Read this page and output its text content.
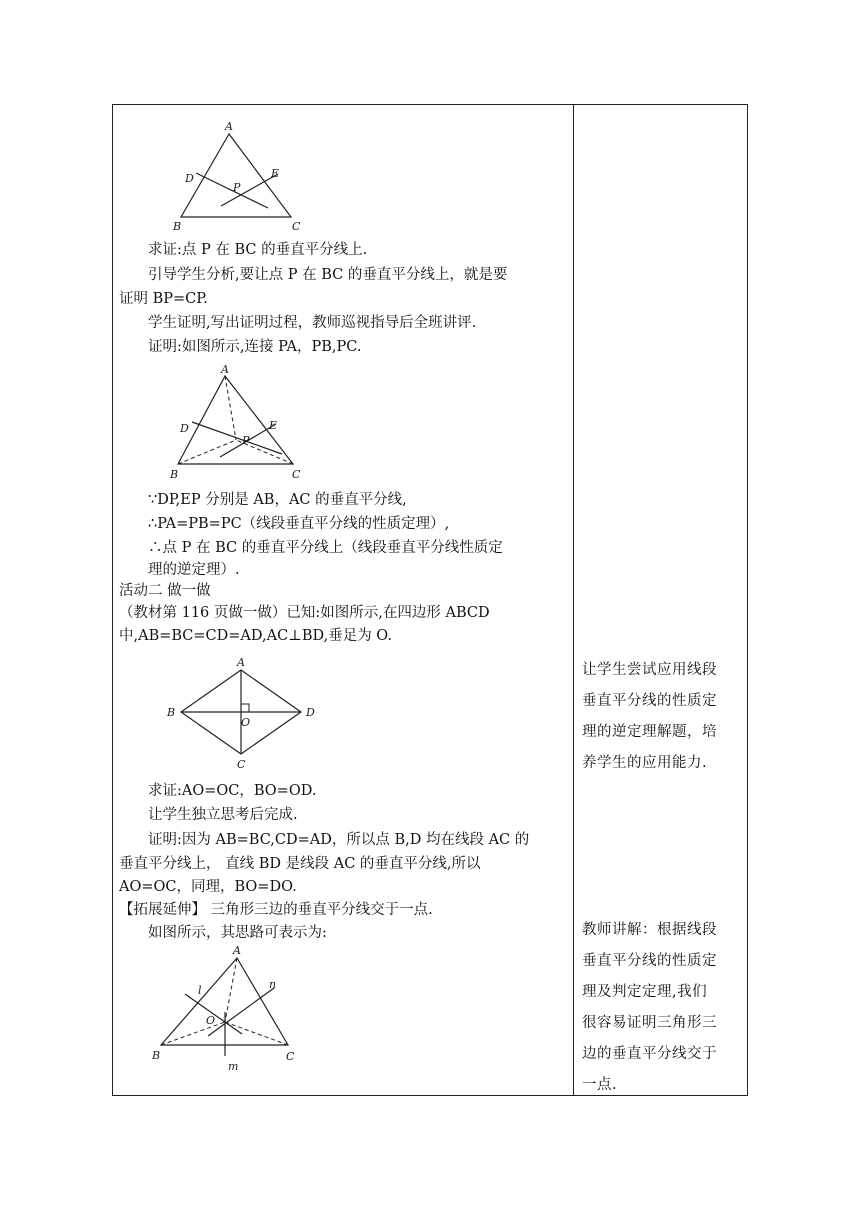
A
B	C
D	E
P
求证:点 P 在 BC 的垂直平分线上.
引导学生分析,要让点 P 在 BC 的垂直平分线上，就是要
证明 BP=CP.
学生证明,写出证明过程，教师巡视指导后全班讲评.
证明:如图所示,连接 PA，PB,PC.
A
B	C
D	E
P
∵DP,EP 分别是 AB，AC 的垂直平分线,
∴PA=PB=PC（线段垂直平分线的性质定理）,
∴点 P 在 BC 的垂直平分线上（线段垂直平分线性质定
理的逆定理）.
活动二 做一做
（教材第 116 页做一做）已知:如图所示,在四边形 ABCD
中,AB=BC=CD=AD,AC⊥BD,垂足为 O.
A
B
C
D
O
求证:AO=OC，BO=OD.
让学生独立思考后完成.
证明:因为 AB=BC,CD=AD，所以点 B,D 均在线段 AC 的
垂直平分线上， 直线 BD 是线段 AC 的垂直平分线,所以
AO=OC，同理，BO=DO.
【拓展延伸】 三角形三边的垂直平分线交于一点.
如图所示，其思路可表示为:
A
B	C
O
l
m
n
让学生尝试应用线段
垂直平分线的性质定
理的逆定理解题，培
养学生的应用能力.
教师讲解：根据线段
垂直平分线的性质定
理及判定定理,我们
很容易证明三角形三
边的垂直平分线交于
一点.
